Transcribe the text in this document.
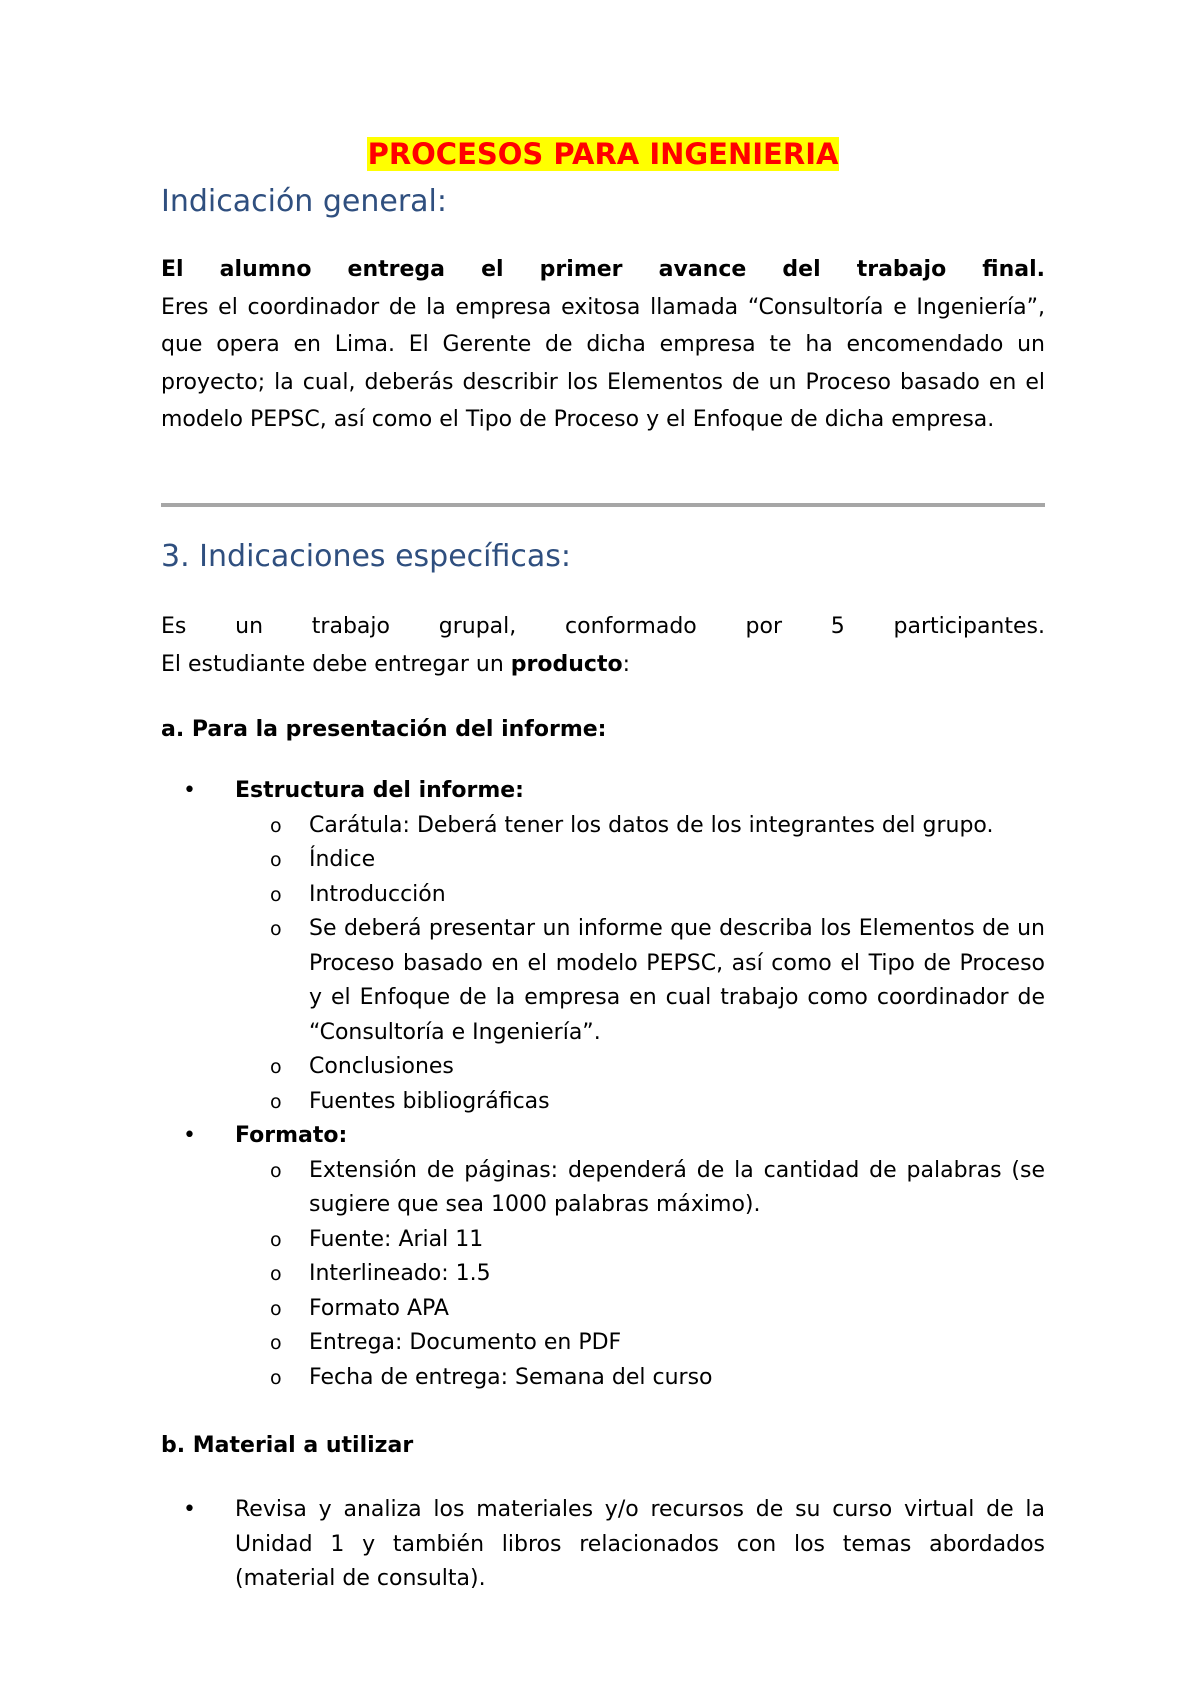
PROCESOS PARA INGENIERIA
Indicación general:

El alumno entrega el primer avance del trabajo final.
Eres el coordinador de la empresa exitosa llamada “Consultoría e Ingeniería”, que opera en Lima. El Gerente de dicha empresa te ha encomendado un proyecto; la cual, deberás describir los Elementos de un Proceso basado en el modelo PEPSC, así como el Tipo de Proceso y el Enfoque de dicha empresa.

3. Indicaciones específicas:

Es un trabajo grupal, conformado por 5 participantes.
El estudiante debe entregar un producto:

a. Para la presentación del informe:
• Estructura del informe:
o Carátula: Deberá tener los datos de los integrantes del grupo.
o Índice
o Introducción
o Se deberá presentar un informe que describa los Elementos de un Proceso basado en el modelo PEPSC, así como el Tipo de Proceso y el Enfoque de la empresa en cual trabajo como coordinador de “Consultoría e Ingeniería”.
o Conclusiones
o Fuentes bibliográficas
• Formato:
o Extensión de páginas: dependerá de la cantidad de palabras (se sugiere que sea 1000 palabras máximo).
o Fuente: Arial 11
o Interlineado: 1.5
o Formato APA
o Entrega: Documento en PDF
o Fecha de entrega: Semana del curso
b. Material a utilizar
• Revisa y analiza los materiales y/o recursos de su curso virtual de la Unidad 1 y también libros relacionados con los temas abordados (material de consulta).
